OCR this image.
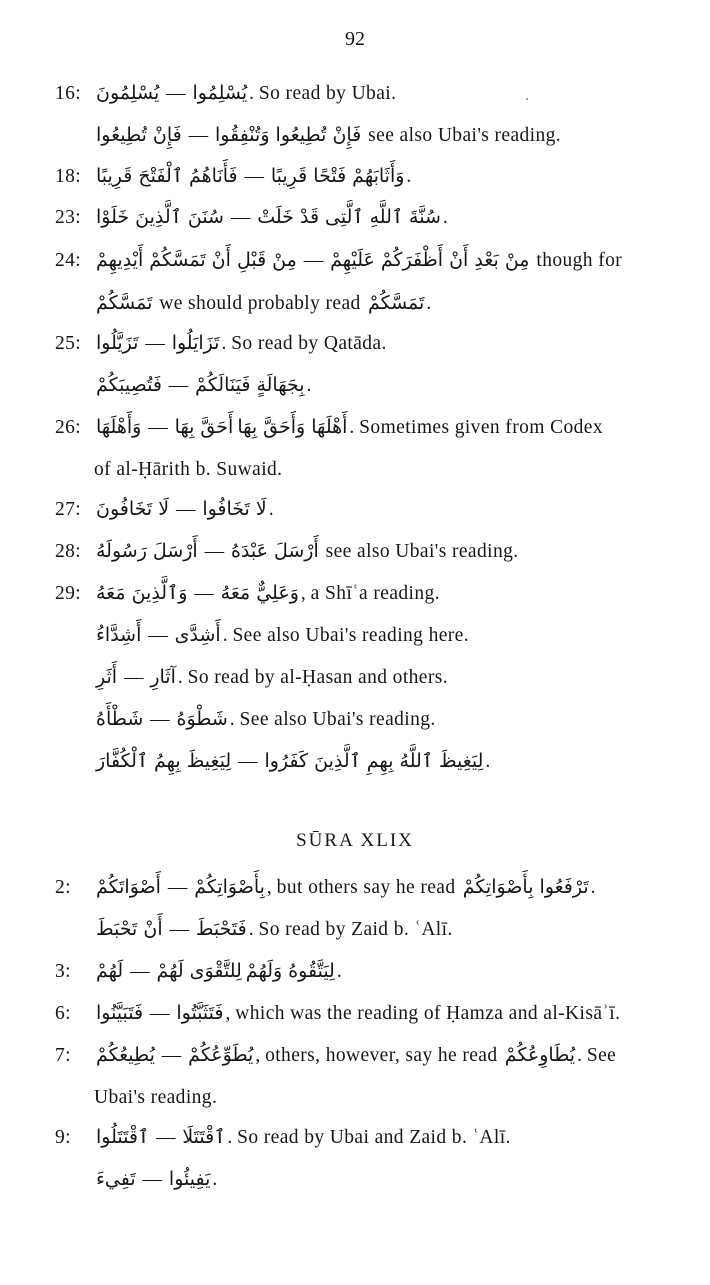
92
16: يُسْلِمُونَ — يُسْلِمُوا . So read by Ubai.
فَإِنْ تُطِيعُوا — فَإِنْ تُطِيعُوا وَتُنْفِقُوا see also Ubai's reading.
18: فَأَنَاهُمُ ٱلْفَتْحَ قَرِيبًا — وَأَثَابَهُمْ فَتْحًا قَرِيبًا .
23: سُنَنَ ٱلَّذِينَ خَلَوْا — سُنَّةَ ٱللَّهِ ٱلَّتِى قَدْ خَلَتْ .
24: مِنْ قَبْلِ أَنْ تَمَسَّكُمْ أَيْدِيهِمْ — مِنْ بَعْدِ أَنْ أَظْفَرَكُمْ عَلَيْهِمْ though for
تَمَسَّكُمْ we should probably read تَمَسَّكُمْ .
25: تَزَيَّلُوا — تَزَايَلُوا . So read by Qatāda.
فَتُصِيبَكُمْ — بِجَهَالَةٍ فَيَنَالَكُمْ .
26: وَأَهْلَهَا — أَحَقَّ بِهَا أَهْلَهَا وَأَحَقَّ بِهَا . Sometimes given from Codex
of al-Ḥārith b. Suwaid.
27: لَا تَخَافُونَ — لَا تَخَافُوا .
28: أَرْسَلَ رَسُولَهُ — أَرْسَلَ عَبْدَهُ see also Ubai's reading.
29: وَٱلَّذِينَ مَعَهُ — وَعَلِيٌّ مَعَهُ , a Shīʿa reading.
أَشِدَّاءُ — أَشِدَّى . See also Ubai's reading here.
أَثَرِ — آثَارِ . So read by al-Ḥasan and others.
شَطْأَهُ — شَطْوَهُ . See also Ubai's reading.
لِيَغِيظَ بِهِمُ ٱلْكُفَّارَ — لِيَغِيظَ ٱللَّهُ بِهِمِ ٱلَّذِينَ كَفَرُوا .
SŪRA XLIX
2: أَصْوَاتَكُمْ — بِأَصْوَاتِكُمْ , but others say he read تَرْفَعُوا بِأَصْوَاتِكُمْ .
أَنْ تَحْبَطَ — فَتَحْبَطَ . So read by Zaid b. ʿAlī.
3: لَهُمْ — لِلتَّقْوَى لَهُمْ لِيَتَّقُوهُ وَلَهُمْ .
6: فَتَبَيَّنُوا — فَتَثَبَّتُوا , which was the reading of Ḥamza and al-Kisāʾī.
7: يُطِيعُكُمْ — يُطَوِّعُكُمْ , others, however, say he read يُطَاوِعُكُمْ . See
Ubai's reading.
9: ٱقْتَتَلُوا — ٱقْتَتَلَا . So read by Ubai and Zaid b. ʿAlī.
تَفِيءَ — يَفِيئُوا .
